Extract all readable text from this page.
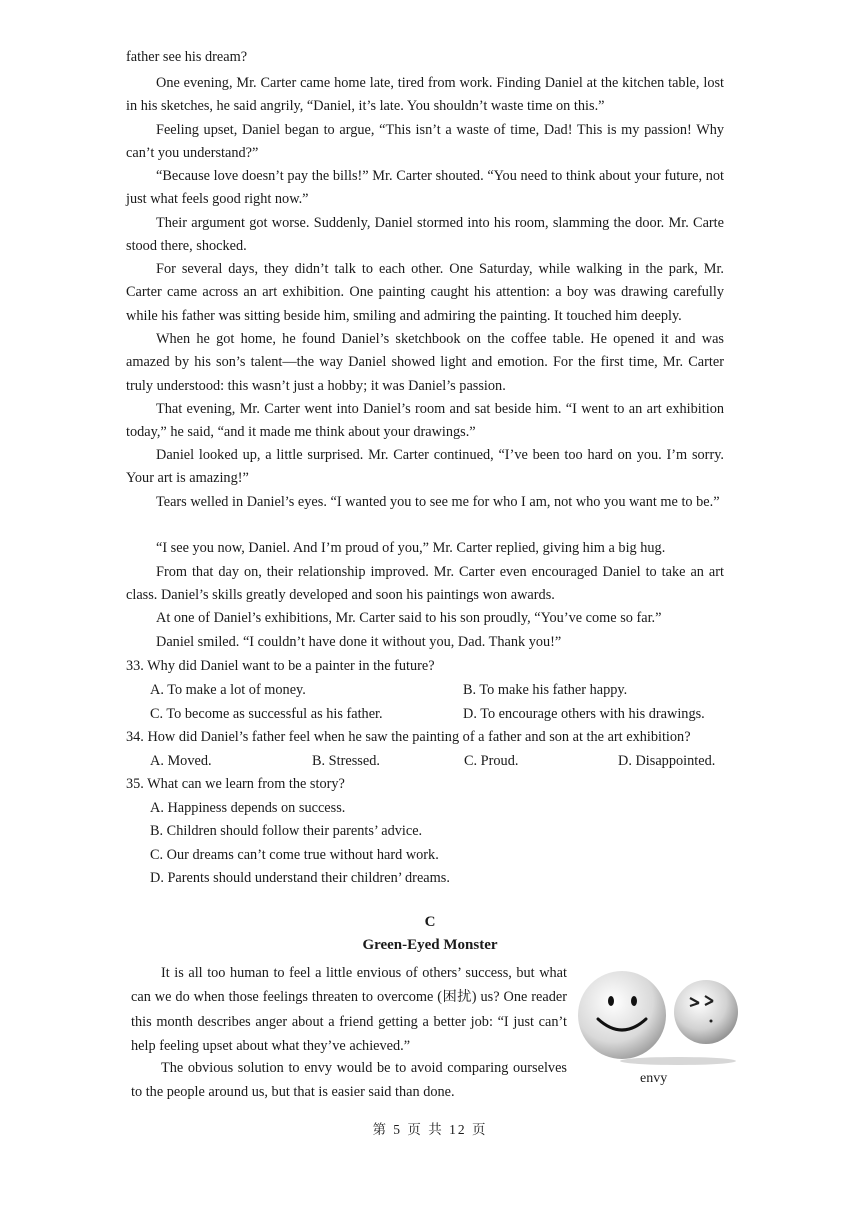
father see his dream?

One evening, Mr. Carter came home late, tired from work. Finding Daniel at the kitchen table, lost in his sketches, he said angrily, “Daniel, it’s late. You shouldn’t waste time on this.”

Feeling upset, Daniel began to argue, “This isn’t a waste of time, Dad! This is my passion! Why can’t you understand?”

“Because love doesn’t pay the bills!” Mr. Carter shouted. “You need to think about your future, not just what feels good right now.”

Their argument got worse. Suddenly, Daniel stormed into his room, slamming the door. Mr. Carte stood there, shocked.

For several days, they didn’t talk to each other. One Saturday, while walking in the park, Mr. Carter came across an art exhibition. One painting caught his attention: a boy was drawing carefully while his father was sitting beside him, smiling and admiring the painting. It touched him deeply.

When he got home, he found Daniel’s sketchbook on the coffee table. He opened it and was amazed by his son’s talent—the way Daniel showed light and emotion. For the first time, Mr. Carter truly understood: this wasn’t just a hobby; it was Daniel’s passion.

That evening, Mr. Carter went into Daniel’s room and sat beside him. “I went to an art exhibition today,” he said, “and it made me think about your drawings.”

Daniel looked up, a little surprised. Mr. Carter continued, “I’ve been too hard on you. I’m sorry. Your art is amazing!”

Tears welled in Daniel’s eyes. “I wanted you to see me for who I am, not who you want me to be.”

“I see you now, Daniel. And I’m proud of you,” Mr. Carter replied, giving him a big hug.

From that day on, their relationship improved. Mr. Carter even encouraged Daniel to take an art class. Daniel’s skills greatly developed and soon his paintings won awards.

At one of Daniel’s exhibitions, Mr. Carter said to his son proudly, “You’ve come so far.”

Daniel smiled. “I couldn’t have done it without you, Dad. Thank you!”

33. Why did Daniel want to be a painter in the future?

A. To make a lot of money.	B. To make his father happy.

C. To become as successful as his father.	D. To encourage others with his drawings.

34. How did Daniel’s father feel when he saw the painting of a father and son at the art exhibition?

A. Moved.	B. Stressed.	C. Proud.	D. Disappointed.

35. What can we learn from the story?

A. Happiness depends on success.

B. Children should follow their parents’ advice.

C. Our dreams can’t come true without hard work.

D. Parents should understand their children’ dreams.

C

Green-Eyed Monster

It is all too human to feel a little envious of others’ success, but what can we do when those feelings threaten to overcome (困扰) us? One reader this month describes anger about a friend getting a better job: “I just can’t help feeling upset about what they’ve achieved.”

The obvious solution to envy would be to avoid comparing ourselves to the people around us, but that is easier said than done.

envy
第 5 页 共 12 页
